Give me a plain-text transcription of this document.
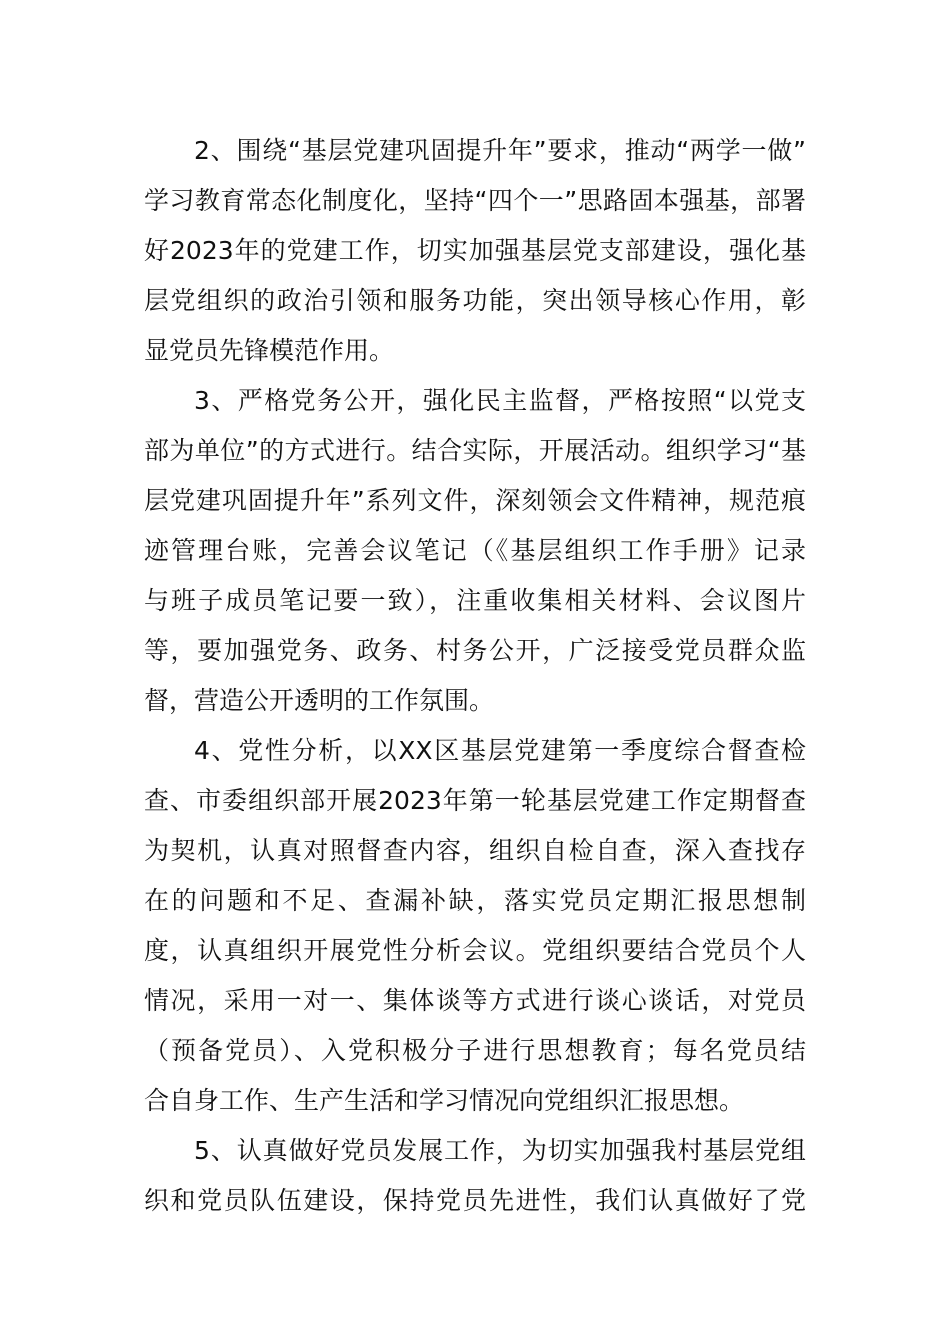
2、围绕“基层党建巩固提升年”要求，推动“两学一做”
学习教育常态化制度化，坚持“四个一”思路固本强基，部署
好2023年的党建工作，切实加强基层党支部建设，强化基
层党组织的政治引领和服务功能，突出领导核心作用，彰
显党员先锋模范作用。
3、严格党务公开，强化民主监督，严格按照“以党支
部为单位”的方式进行。结合实际，开展活动。组织学习“基
层党建巩固提升年”系列文件，深刻领会文件精神，规范痕
迹管理台账，完善会议笔记（《基层组织工作手册》记录
与班子成员笔记要一致），注重收集相关材料、会议图片
等，要加强党务、政务、村务公开，广泛接受党员群众监
督，营造公开透明的工作氛围。
4、党性分析，以XX区基层党建第一季度综合督查检
查、市委组织部开展2023年第一轮基层党建工作定期督查
为契机，认真对照督查内容，组织自检自查，深入查找存
在的问题和不足、查漏补缺，落实党员定期汇报思想制
度，认真组织开展党性分析会议。党组织要结合党员个人
情况，采用一对一、集体谈等方式进行谈心谈话，对党员
（预备党员）、入党积极分子进行思想教育；每名党员结
合自身工作、生产生活和学习情况向党组织汇报思想。
5、认真做好党员发展工作，为切实加强我村基层党组
织和党员队伍建设，保持党员先进性，我们认真做好了党
